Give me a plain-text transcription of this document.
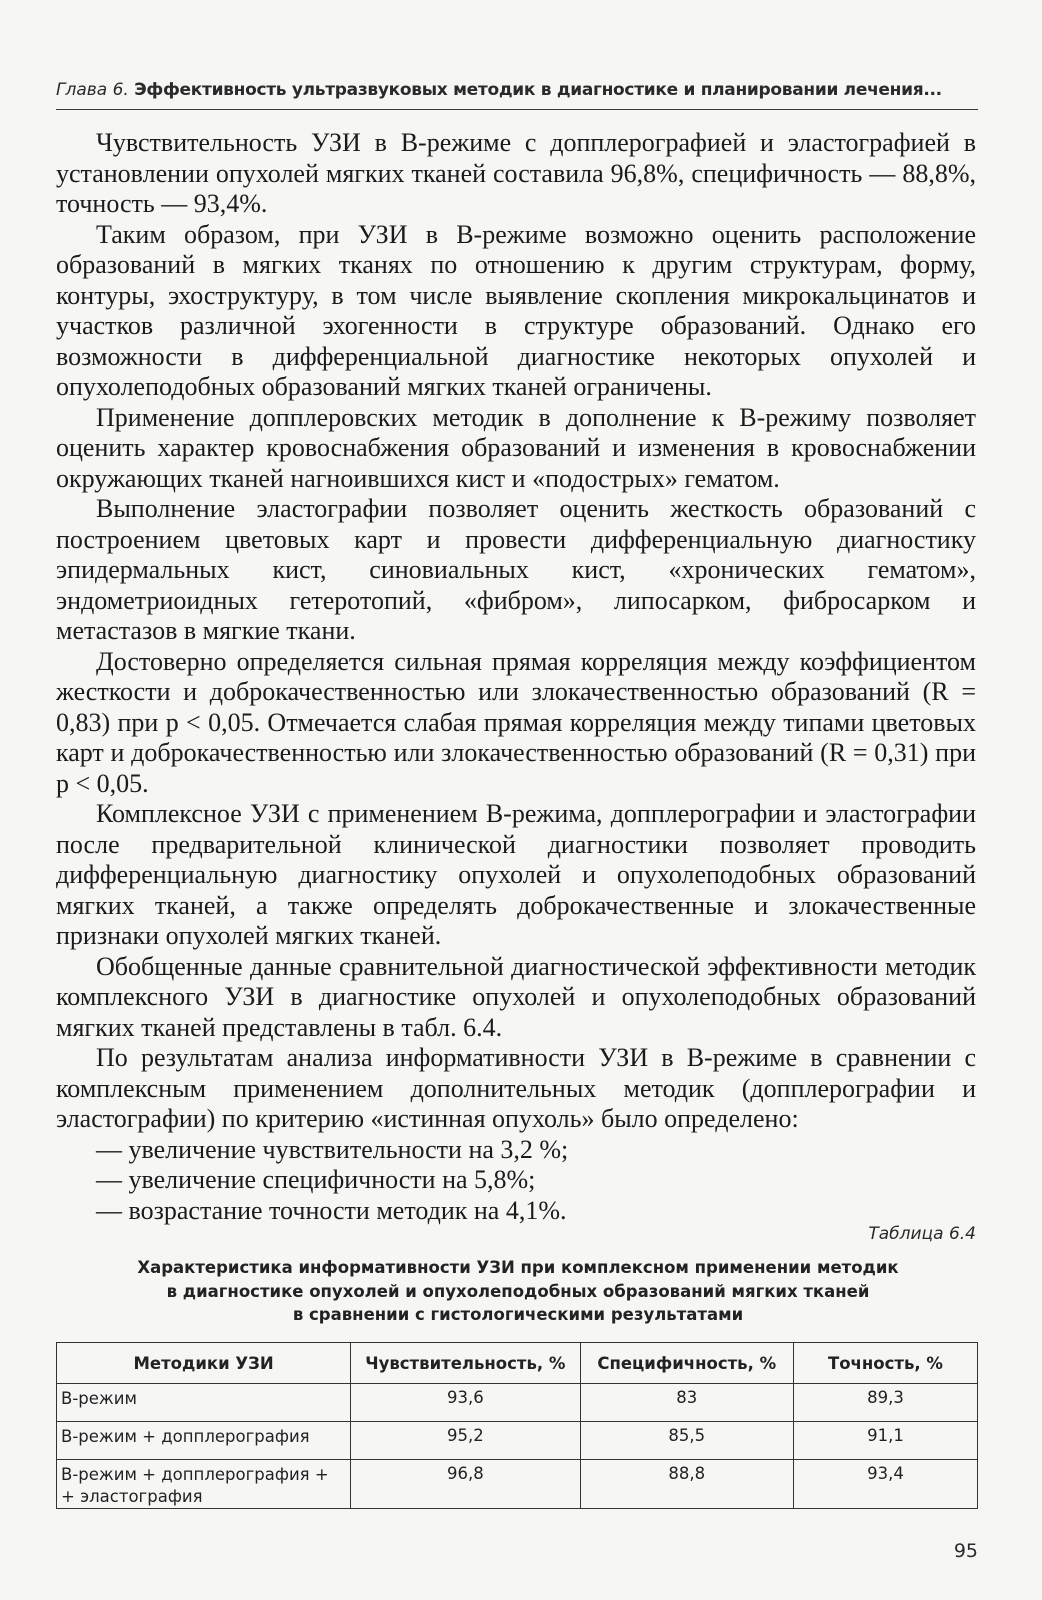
Глава 6. Эффективность ультразвуковых методик в диагностике и планировании лечения...

Чувствительность УЗИ в В-режиме с допплерографией и эластографией в установлении опухолей мягких тканей составила 96,8%, специфичность — 88,8%, точность — 93,4%.

Таким образом, при УЗИ в В-режиме возможно оценить расположение образований в мягких тканях по отношению к другим структурам, форму, контуры, эхоструктуру, в том числе выявление скопления микрокальцинатов и участков различной эхогенности в структуре образований. Однако его возможности в дифференциальной диагностике некоторых опухолей и опухолеподобных образований мягких тканей ограничены.

Применение допплеровских методик в дополнение к В-режиму позволяет оценить характер кровоснабжения образований и изменения в кровоснабжении окружающих тканей нагноившихся кист и «подострых» гематом.

Выполнение эластографии позволяет оценить жесткость образований с построением цветовых карт и провести дифференциальную диагностику эпидермальных кист, синовиальных кист, «хронических гематом», эндометриоидных гетеротопий, «фибром», липосарком, фибросарком и метастазов в мягкие ткани.

Достоверно определяется сильная прямая корреляция между коэффициентом жесткости и доброкачественностью или злокачественностью образований (R = 0,83) при р < 0,05. Отмечается слабая прямая корреляция между типами цветовых карт и доброкачественностью или злокачественностью образований (R = 0,31) при р < 0,05.

Комплексное УЗИ с применением В-режима, допплерографии и эластографии после предварительной клинической диагностики позволяет проводить дифференциальную диагностику опухолей и опухолеподобных образований мягких тканей, а также определять доброкачественные и злокачественные признаки опухолей мягких тканей.

Обобщенные данные сравнительной диагностической эффективности методик комплексного УЗИ в диагностике опухолей и опухолеподобных образований мягких тканей представлены в табл. 6.4.

По результатам анализа информативности УЗИ в В-режиме в сравнении с комплексным применением дополнительных методик (допплерографии и эластографии) по критерию «истинная опухоль» было определено:

— увеличение чувствительности на 3,2 %;
— увеличение специфичности на 5,8%;
— возрастание точности методик на 4,1%.
Таблица 6.4
Характеристика информативности УЗИ при комплексном применении методик
в диагностике опухолей и опухолеподобных образований мягких тканей
в сравнении с гистологическими результатами
Методики УЗИ	Чувствительность, %	Специфичность, %	Точность, %

В-режим	93,6	83	89,3

В-режим + допплерография	95,2	85,5	91,1

В-режим + допплерография +
+ эластография	96,8	88,8	93,4
95
